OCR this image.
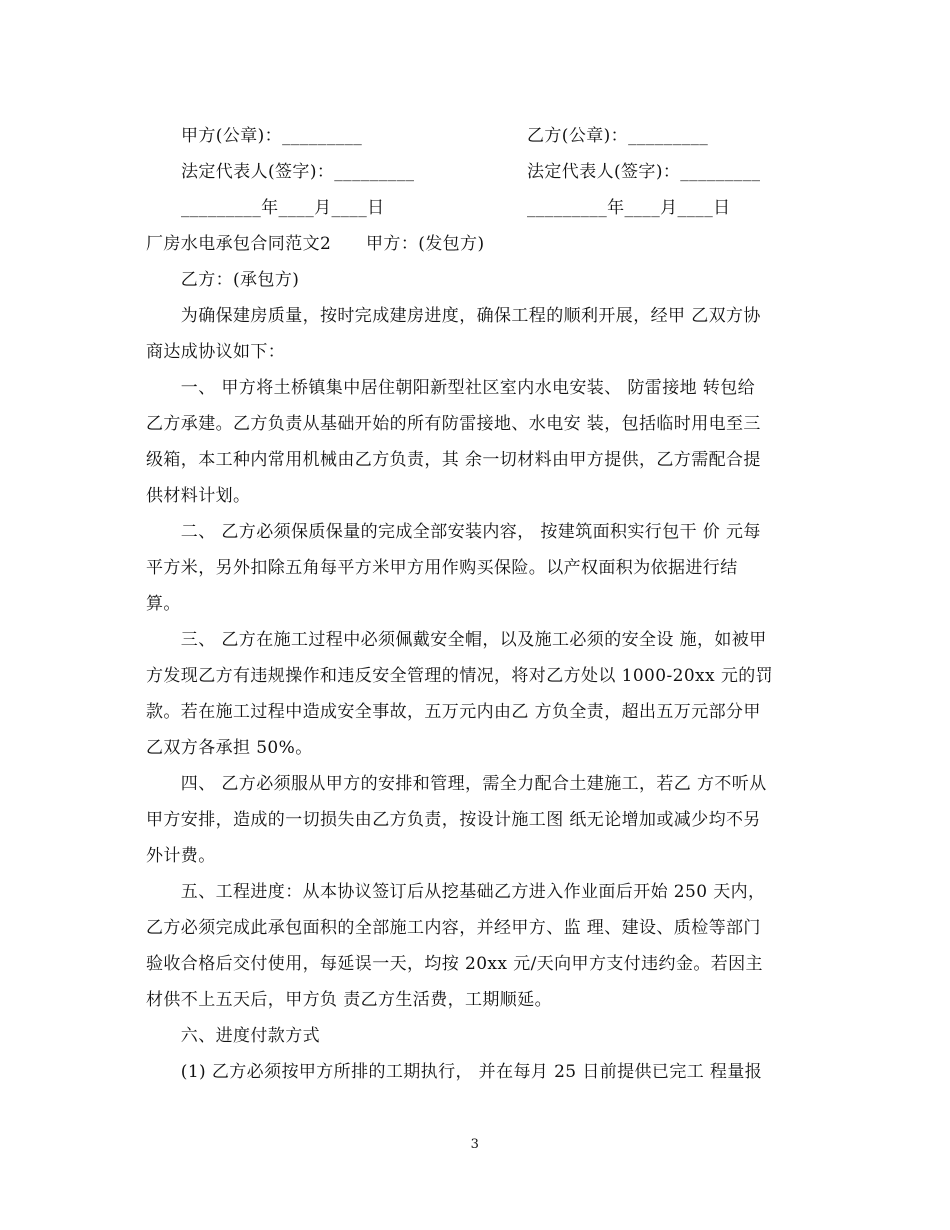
甲方(公章)：_________
法定代表人(签字)：_________
_________年____月____日
乙方(公章)：_________
法定代表人(签字)：_________
_________年____月____日
厂房水电承包合同范文2　　甲方：(发包方)
　　乙方：(承包方)
　　为确保建房质量，按时完成建房进度，确保工程的顺利开展，经甲 乙双方协
商达成协议如下：
　　一、 甲方将土桥镇集中居住朝阳新型社区室内水电安装、 防雷接地 转包给
乙方承建。乙方负责从基础开始的所有防雷接地、水电安 装，包括临时用电至三
级箱，本工种内常用机械由乙方负责，其 余一切材料由甲方提供，乙方需配合提
供材料计划。
　　二、 乙方必须保质保量的完成全部安装内容， 按建筑面积实行包干 价 元每
平方米，另外扣除五角每平方米甲方用作购买保险。以产权面积为依据进行结
算。
　　三、 乙方在施工过程中必须佩戴安全帽，以及施工必须的安全设 施，如被甲
方发现乙方有违规操作和违反安全管理的情况，将对乙方处以 1000-20xx 元的罚
款。若在施工过程中造成安全事故，五万元内由乙 方负全责，超出五万元部分甲
乙双方各承担 50%。
　　四、 乙方必须服从甲方的安排和管理，需全力配合土建施工，若乙 方不听从
甲方安排，造成的一切损失由乙方负责，按设计施工图 纸无论增加或减少均不另
外计费。
　　五、工程进度：从本协议签订后从挖基础乙方进入作业面后开始 250 天内，
乙方必须完成此承包面积的全部施工内容，并经甲方、监 理、建设、质检等部门
验收合格后交付使用，每延误一天，均按 20xx 元/天向甲方支付违约金。若因主
材供不上五天后，甲方负 责乙方生活费，工期顺延。
　　六、进度付款方式
　　(1) 乙方必须按甲方所排的工期执行， 并在每月 25 日前提供已完工 程量报
3
